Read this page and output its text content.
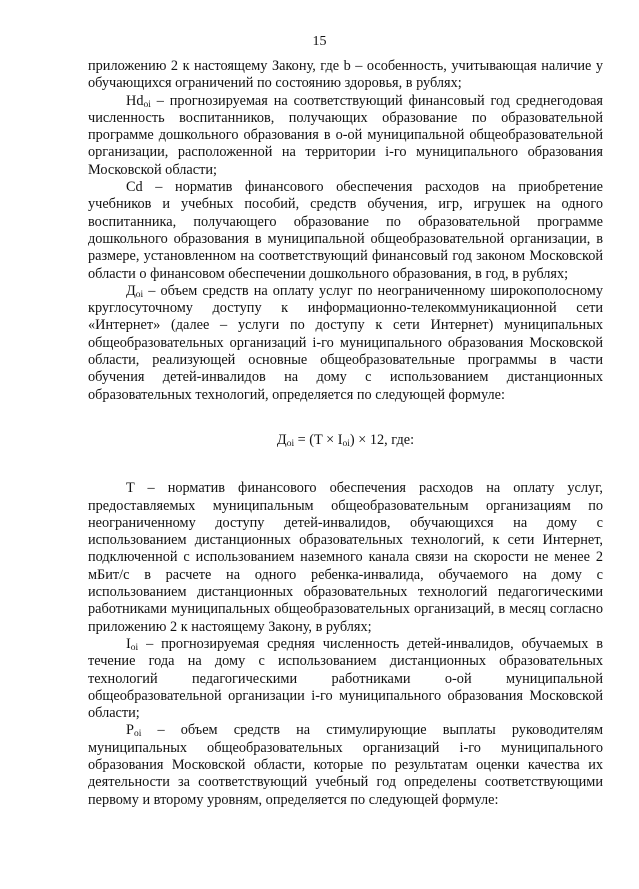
15

приложению 2 к настоящему Закону, где b – особенность, учитывающая наличие у обучающихся ограничений по состоянию здоровья, в рублях;

$Hd_{oi}$ – прогнозируемая на соответствующий финансовый год среднегодовая численность воспитанников, получающих образование по образовательной программе дошкольного образования в o-ой муниципальной общеобразовательной организации, расположенной на территории i-го муниципального образования Московской области;

Cd – норматив финансового обеспечения расходов на приобретение учебников и учебных пособий, средств обучения, игр, игрушек на одного воспитанника, получающего образование по образовательной программе дошкольного образования в муниципальной общеобразовательной организации, в размере, установленном на соответствующий финансовый год законом Московской области о финансовом обеспечении дошкольного образования, в год, в рублях;

$Д_{oi}$ – объем средств на оплату услуг по неограниченному широкополосному круглосуточному доступу к информационно-телекоммуникационной сети «Интернет» (далее – услуги по доступу к сети Интернет) муниципальных общеобразовательных организаций i-го муниципального образования Московской области, реализующей основные общеобразовательные программы в части обучения детей-инвалидов на дому с использованием дистанционных образовательных технологий, определяется по следующей формуле:

$Д_{oi} = (T \times I_{oi}) \times 12$, где:

T – норматив финансового обеспечения расходов на оплату услуг, предоставляемых муниципальным общеобразовательным организациям по неограниченному доступу детей-инвалидов, обучающихся на дому с использованием дистанционных образовательных технологий, к сети Интернет, подключенной с использованием наземного канала связи на скорости не менее 2 мБит/с в расчете на одного ребенка-инвалида, обучаемого на дому с использованием дистанционных образовательных технологий педагогическими работниками муниципальных общеобразовательных организаций, в месяц согласно приложению 2 к настоящему Закону, в рублях;

$I_{oi}$ – прогнозируемая средняя численность детей-инвалидов, обучаемых в течение года на дому с использованием дистанционных образовательных технологий педагогическими работниками o-ой муниципальной общеобразовательной организации i-го муниципального образования Московской области;

$P_{oi}$ – объем средств на стимулирующие выплаты руководителям муниципальных общеобразовательных организаций i-го муниципального образования Московской области, которые по результатам оценки качества их деятельности за соответствующий учебный год определены соответствующими первому и второму уровням, определяется по следующей формуле:
